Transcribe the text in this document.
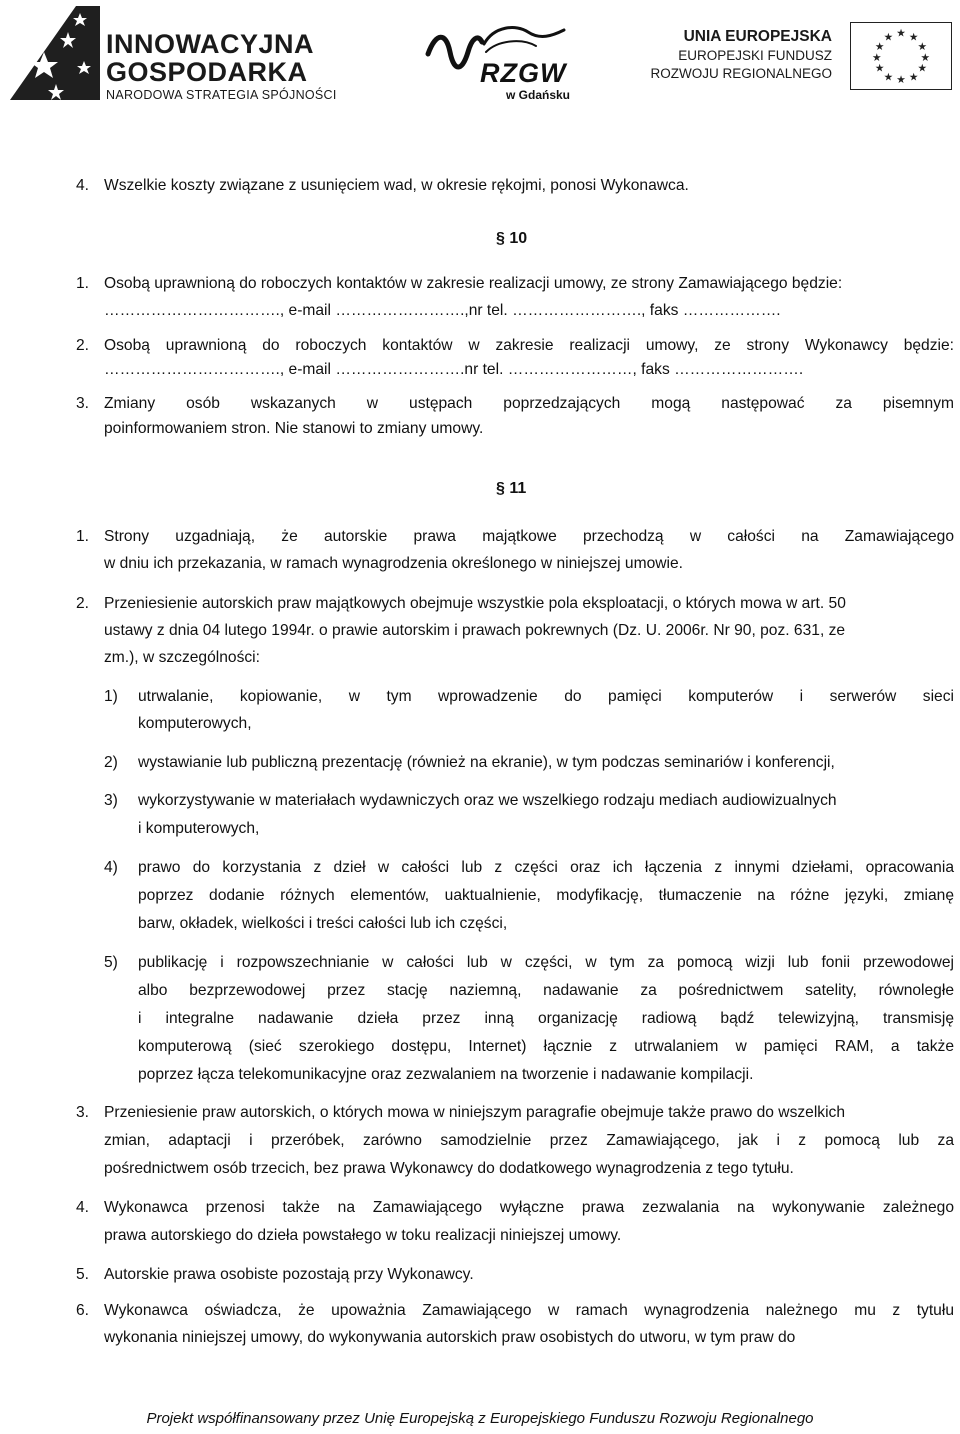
INNOWACYJNA
GOSPODARKA
NARODOWA STRATEGIA SPÓJNOŚCI
RZGW
w Gdańsku
UNIA EUROPEJSKA
EUROPEJSKI FUNDUSZ
ROZWOJU REGIONALNEGO
★ ★
★
★
★
★
★
★
★
★
★
★
4. Wszelkie koszty związane z usunięciem wad, w okresie rękojmi, ponosi Wykonawca.
§ 10
1. Osobą uprawnioną do roboczych kontaktów w zakresie realizacji umowy, ze strony Zamawiającego będzie:
……………………………., e-mail …………………….,nr tel. ……………………., faks ……………….
2. Osobą uprawnioną do roboczych kontaktów w zakresie realizacji umowy, ze strony Wykonawcy będzie:
……………………………., e-mail …………………….nr tel. ……………………, faks …………………….
3. Zmiany osób wskazanych w ustępach poprzedzających mogą następować za pisemnym
poinformowaniem stron. Nie stanowi to zmiany umowy.
§ 11
1. Strony uzgadniają, że autorskie prawa majątkowe przechodzą w całości na Zamawiającego
w dniu ich przekazania, w ramach wynagrodzenia określonego w niniejszej umowie.
2. Przeniesienie autorskich praw majątkowych obejmuje wszystkie pola eksploatacji, o których mowa w art. 50
ustawy z dnia 04 lutego 1994r. o prawie autorskim i prawach pokrewnych (Dz. U. 2006r. Nr 90, poz. 631, ze
zm.), w szczególności:
1) utrwalanie, kopiowanie, w tym wprowadzenie do pamięci komputerów i serwerów sieci
komputerowych,
2) wystawianie lub publiczną prezentację (również na ekranie), w tym podczas seminariów i konferencji,
3) wykorzystywanie w materiałach wydawniczych oraz we wszelkiego rodzaju mediach audiowizualnych
i komputerowych,
4) prawo do korzystania z dzieł w całości lub z części oraz ich łączenia z innymi dziełami, opracowania
poprzez dodanie różnych elementów, uaktualnienie, modyfikację, tłumaczenie na różne języki, zmianę
barw, okładek, wielkości i treści całości lub ich części,
5) publikację i rozpowszechnianie w całości lub w części, w tym za pomocą wizji lub fonii przewodowej
albo bezprzewodowej przez stację naziemną, nadawanie za pośrednictwem satelity, równoległe
i integralne nadawanie dzieła przez inną organizację radiową bądź telewizyjną, transmisję
komputerową (sieć szerokiego dostępu, Internet) łącznie z utrwalaniem w pamięci RAM, a także
poprzez łącza telekomunikacyjne oraz zezwalaniem na tworzenie i nadawanie kompilacji.
3. Przeniesienie praw autorskich, o których mowa w niniejszym paragrafie obejmuje także prawo do wszelkich
zmian, adaptacji i przeróbek, zarówno samodzielnie przez Zamawiającego, jak i z pomocą lub za
pośrednictwem osób trzecich, bez prawa Wykonawcy do dodatkowego wynagrodzenia z tego tytułu.
4. Wykonawca przenosi także na Zamawiającego wyłączne prawa zezwalania na wykonywanie zależnego
prawa autorskiego do dzieła powstałego w toku realizacji niniejszej umowy.
5. Autorskie prawa osobiste pozostają przy Wykonawcy.
6. Wykonawca oświadcza, że upoważnia Zamawiającego w ramach wynagrodzenia należnego mu z tytułu
wykonania niniejszej umowy, do wykonywania autorskich praw osobistych do utworu, w tym praw do
Projekt współfinansowany przez Unię Europejską z Europejskiego Funduszu Rozwoju Regionalnego
